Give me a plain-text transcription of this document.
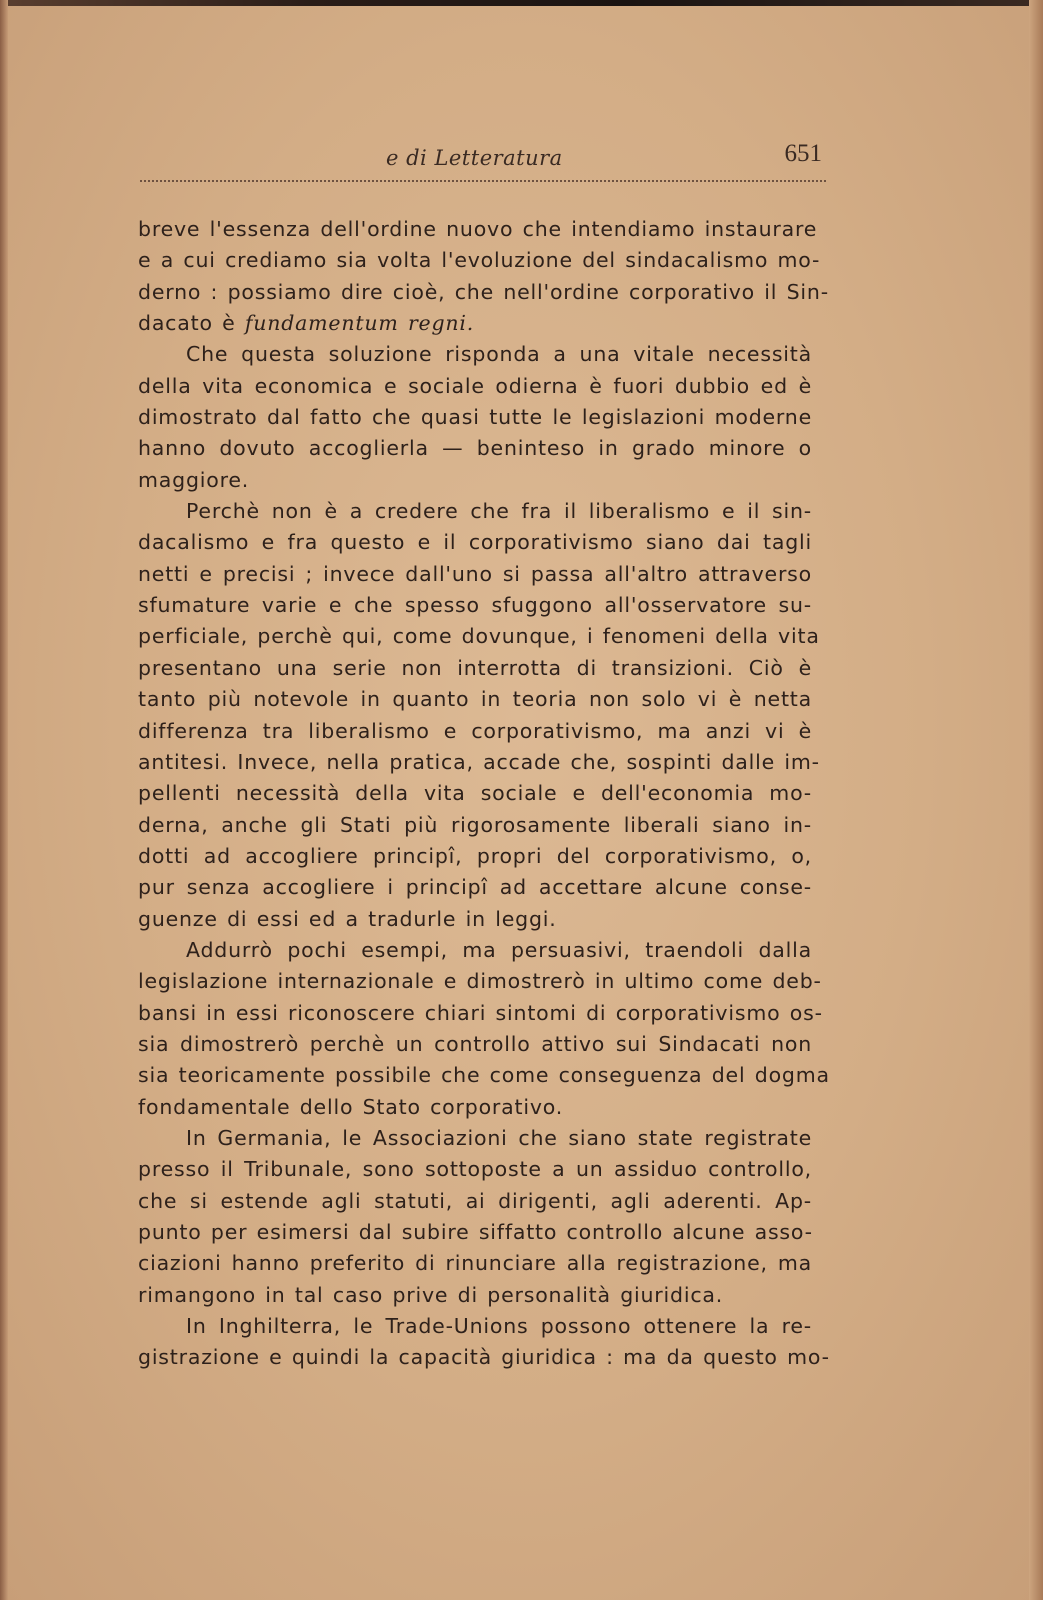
e di Letteratura	651
breve l'essenza dell'ordine nuovo che intendiamo instaurare
e a cui crediamo sia volta l'evoluzione del sindacalismo mo-
derno : possiamo dire cioè, che nell'ordine corporativo il Sin-
dacato è fundamentum regni.
Che questa soluzione risponda a una vitale necessità
della vita economica e sociale odierna è fuori dubbio ed è
dimostrato dal fatto che quasi tutte le legislazioni moderne
hanno dovuto accoglierla — beninteso in grado minore o
maggiore.
Perchè non è a credere che fra il liberalismo e il sin-
dacalismo e fra questo e il corporativismo siano dai tagli
netti e precisi ; invece dall'uno si passa all'altro attraverso
sfumature varie e che spesso sfuggono all'osservatore su-
perficiale, perchè qui, come dovunque, i fenomeni della vita
presentano una serie non interrotta di transizioni. Ciò è
tanto più notevole in quanto in teoria non solo vi è netta
differenza tra liberalismo e corporativismo, ma anzi vi è
antitesi. Invece, nella pratica, accade che, sospinti dalle im-
pellenti necessità della vita sociale e dell'economia mo-
derna, anche gli Stati più rigorosamente liberali siano in-
dotti ad accogliere principî, propri del corporativismo, o,
pur senza accogliere i principî ad accettare alcune conse-
guenze di essi ed a tradurle in leggi.
Addurrò pochi esempi, ma persuasivi, traendoli dalla
legislazione internazionale e dimostrerò in ultimo come deb-
bansi in essi riconoscere chiari sintomi di corporativismo os-
sia dimostrerò perchè un controllo attivo sui Sindacati non
sia teoricamente possibile che come conseguenza del dogma
fondamentale dello Stato corporativo.
In Germania, le Associazioni che siano state registrate
presso il Tribunale, sono sottoposte a un assiduo controllo,
che si estende agli statuti, ai dirigenti, agli aderenti. Ap-
punto per esimersi dal subire siffatto controllo alcune asso-
ciazioni hanno preferito di rinunciare alla registrazione, ma
rimangono in tal caso prive di personalità giuridica.
In Inghilterra, le Trade-Unions possono ottenere la re-
gistrazione e quindi la capacità giuridica : ma da questo mo-
